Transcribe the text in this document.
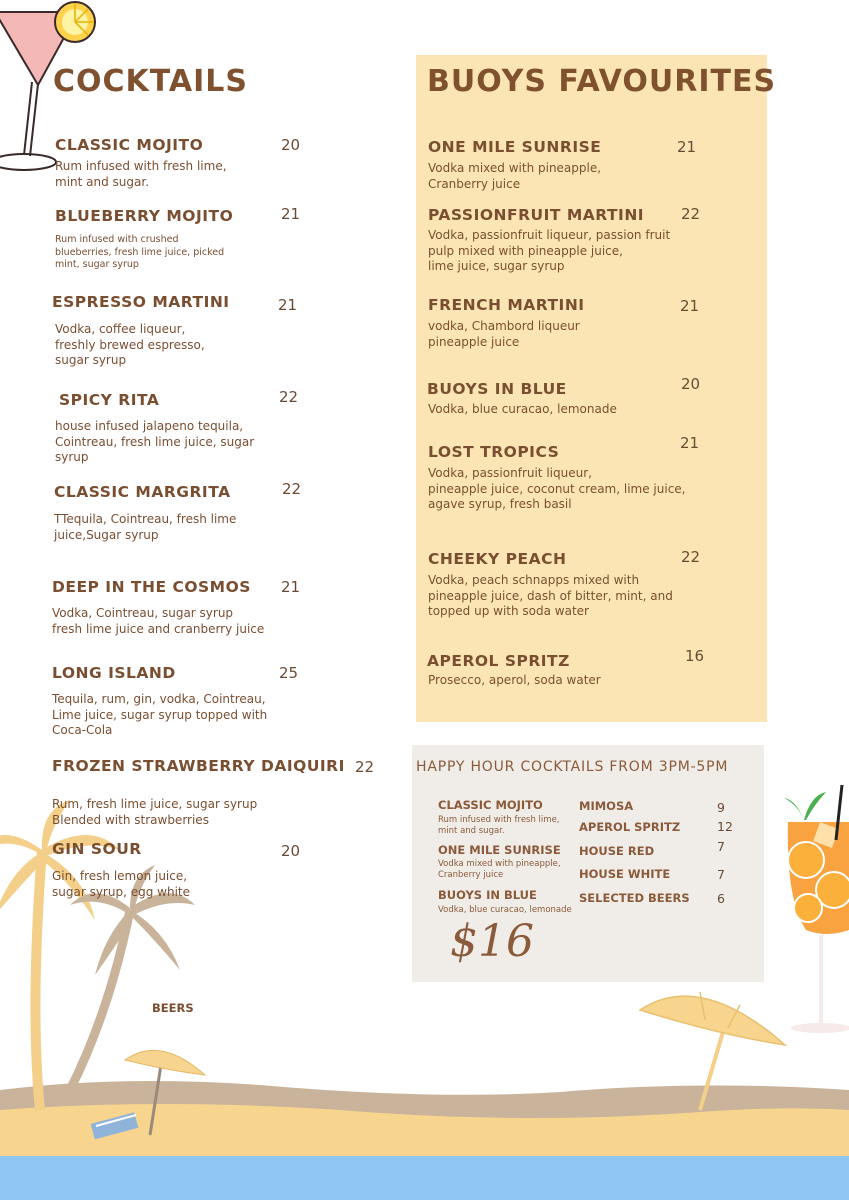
COCKTAILS
CLASSIC MOJITO	20
Rum infused with fresh lime,
mint and sugar.
BLUEBERRY MOJITO	21
Rum infused with crushed
blueberries, fresh lime juice, picked
mint, sugar syrup
ESPRESSO MARTINI	21
Vodka, coffee liqueur,
freshly brewed espresso,
sugar syrup
SPICY RITA	22
house infused jalapeno tequila,
Cointreau, fresh lime juice, sugar
syrup
CLASSIC MARGRITA	22
TTequila, Cointreau, fresh lime
juice,Sugar syrup
DEEP IN THE COSMOS 21
Vodka, Cointreau, sugar syrup
fresh lime juice and cranberry juice
LONG ISLAND	25
Tequila, rum, gin, vodka, Cointreau,
Lime juice, sugar syrup topped with
Coca-Cola
FROZEN STRAWBERRY DAIQUIRI 22
Rum, fresh lime juice, sugar syrup
Blended with strawberries
GIN SOUR	20
Gin, fresh lemon juice,
sugar syrup, egg white
BEERS
BUOYS FAVOURITES
ONE MILE SUNRISE	21
Vodka mixed with pineapple,
Cranberry juice
PASSIONFRUIT MARTINI 22
Vodka, passionfruit liqueur, passion fruit
pulp mixed with pineapple juice,
lime juice, sugar syrup
FRENCH MARTINI	21
vodka, Chambord liqueur
pineapple juice
BUOYS IN BLUE	20
Vodka, blue curacao, lemonade
LOST TROPICS	21
Vodka, passionfruit liqueur,
pineapple juice, coconut cream, lime juice,
agave syrup, fresh basil
CHEEKY PEACH	22
Vodka, peach schnapps mixed with
pineapple juice, dash of bitter, mint, and
topped up with soda water
APEROL SPRITZ	16
Prosecco, aperol, soda water
HAPPY HOUR COCKTAILS FROM 3PM-5PM
CLASSIC MOJITO
Rum infused with fresh lime,
mint and sugar.
ONE MILE SUNRISE
Vodka mixed with pineapple,
Cranberry juice
BUOYS IN BLUE
Vodka, blue curacao, lemonade
$16
MIMOSA	9
APEROL SPRITZ	12
HOUSE RED	7
HOUSE WHITE	7
SELECTED BEERS 6
